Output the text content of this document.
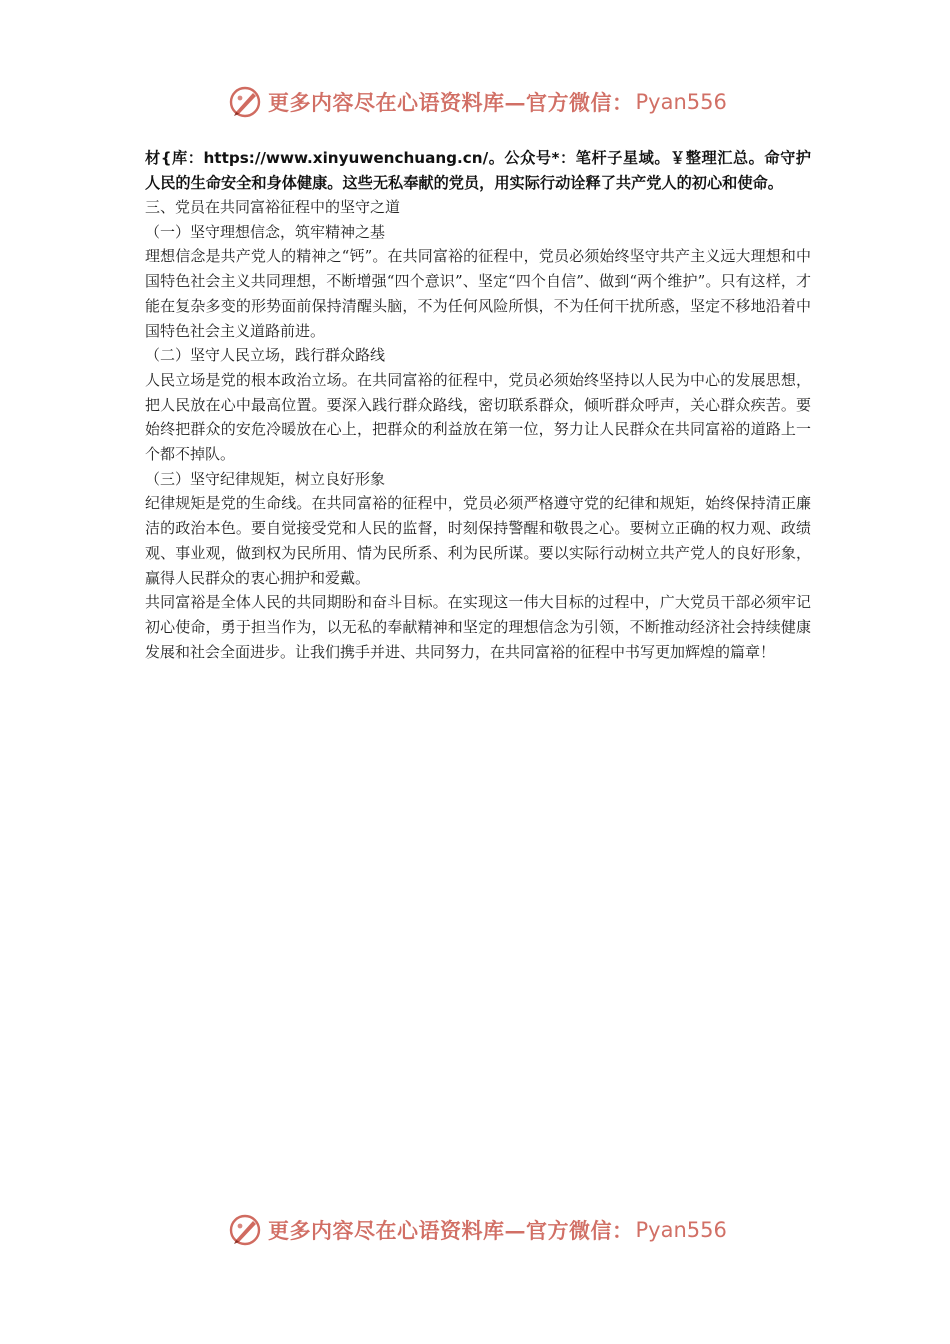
更多内容尽在心语资料库—官方微信： Pyan556

材{库：https://www.xinyuwenchuang.cn/。公众号*：笔杆子星域。￥整理汇总。命守护人民的生命安全和身体健康。这些无私奉献的党员，用实际行动诠释了共产党人的初心和使命。

三、党员在共同富裕征程中的坚守之道

（一）坚守理想信念，筑牢精神之基

理想信念是共产党人的精神之“钙”。在共同富裕的征程中，党员必须始终坚守共产主义远大理想和中国特色社会主义共同理想，不断增强“四个意识”、坚定“四个自信”、做到“两个维护”。只有这样，才能在复杂多变的形势面前保持清醒头脑，不为任何风险所惧，不为任何干扰所惑，坚定不移地沿着中国特色社会主义道路前进。

（二）坚守人民立场，践行群众路线

人民立场是党的根本政治立场。在共同富裕的征程中，党员必须始终坚持以人民为中心的发展思想，把人民放在心中最高位置。要深入践行群众路线，密切联系群众，倾听群众呼声，关心群众疾苦。要始终把群众的安危冷暖放在心上，把群众的利益放在第一位，努力让人民群众在共同富裕的道路上一个都不掉队。

（三）坚守纪律规矩，树立良好形象

纪律规矩是党的生命线。在共同富裕的征程中，党员必须严格遵守党的纪律和规矩，始终保持清正廉洁的政治本色。要自觉接受党和人民的监督，时刻保持警醒和敬畏之心。要树立正确的权力观、政绩观、事业观，做到权为民所用、情为民所系、利为民所谋。要以实际行动树立共产党人的良好形象，赢得人民群众的衷心拥护和爱戴。

共同富裕是全体人民的共同期盼和奋斗目标。在实现这一伟大目标的过程中，广大党员干部必须牢记初心使命，勇于担当作为，以无私的奉献精神和坚定的理想信念为引领，不断推动经济社会持续健康发展和社会全面进步。让我们携手并进、共同努力，在共同富裕的征程中书写更加辉煌的篇章！

更多内容尽在心语资料库—官方微信： Pyan556
